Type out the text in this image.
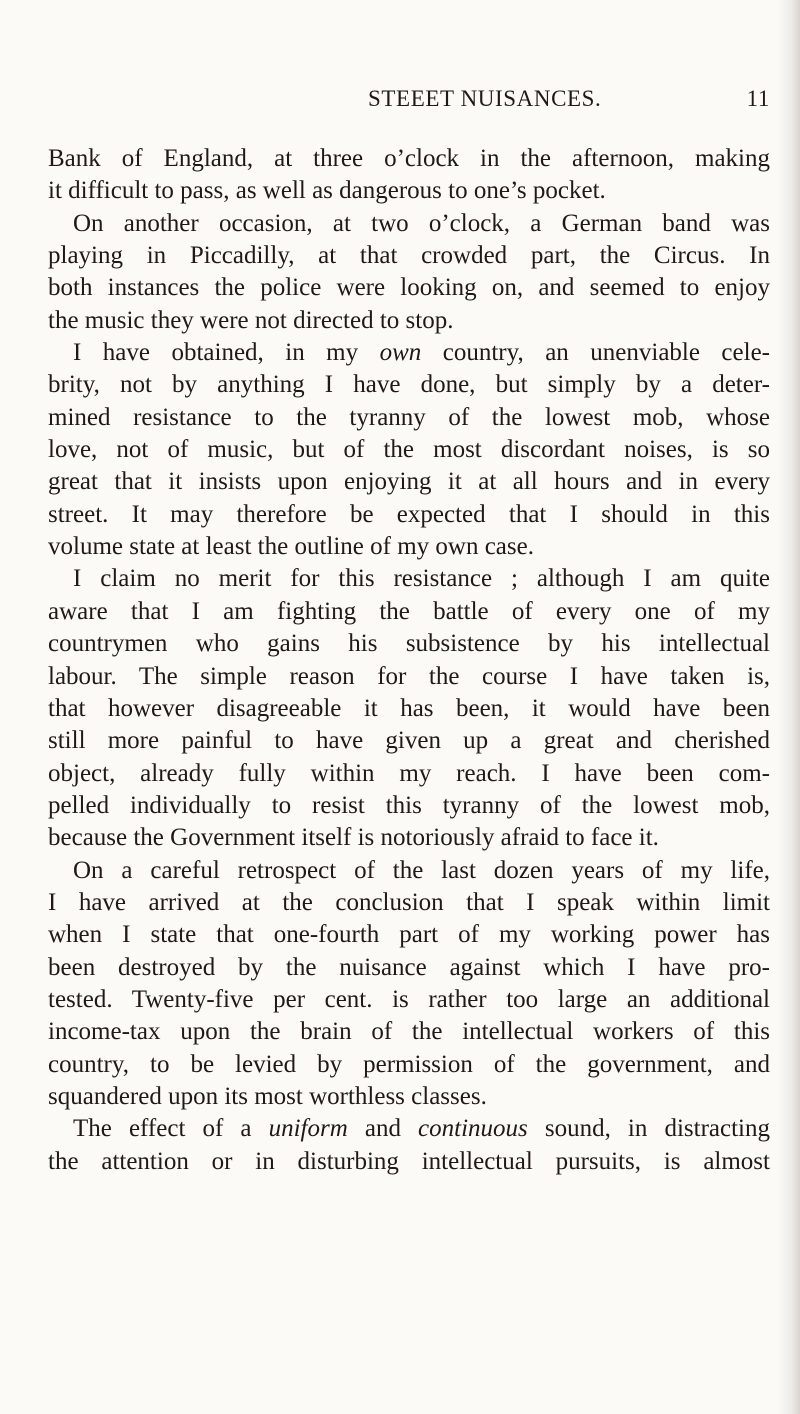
STEEET NUISANCES.	11
Bank of England, at three o’clock in the afternoon, making
it difficult to pass, as well as dangerous to one’s pocket.
On another occasion, at two o’clock, a German band was
playing in Piccadilly, at that crowded part, the Circus. In
both instances the police were looking on, and seemed to enjoy
the music they were not directed to stop.
I have obtained, in my own country, an unenviable cele-
brity, not by anything I have done, but simply by a deter-
mined resistance to the tyranny of the lowest mob, whose
love, not of music, but of the most discordant noises, is so
great that it insists upon enjoying it at all hours and in every
street. It may therefore be expected that I should in this
volume state at least the outline of my own case.
I claim no merit for this resistance ; although I am quite
aware that I am fighting the battle of every one of my
countrymen who gains his subsistence by his intellectual
labour. The simple reason for the course I have taken is,
that however disagreeable it has been, it would have been
still more painful to have given up a great and cherished
object, already fully within my reach. I have been com-
pelled individually to resist this tyranny of the lowest mob,
because the Government itself is notoriously afraid to face it.
On a careful retrospect of the last dozen years of my life,
I have arrived at the conclusion that I speak within limit
when I state that one-fourth part of my working power has
been destroyed by the nuisance against which I have pro-
tested. Twenty-five per cent. is rather too large an additional
income-tax upon the brain of the intellectual workers of this
country, to be levied by permission of the government, and
squandered upon its most worthless classes.
The effect of a uniform and continuous sound, in distracting
the attention or in disturbing intellectual pursuits, is almost
